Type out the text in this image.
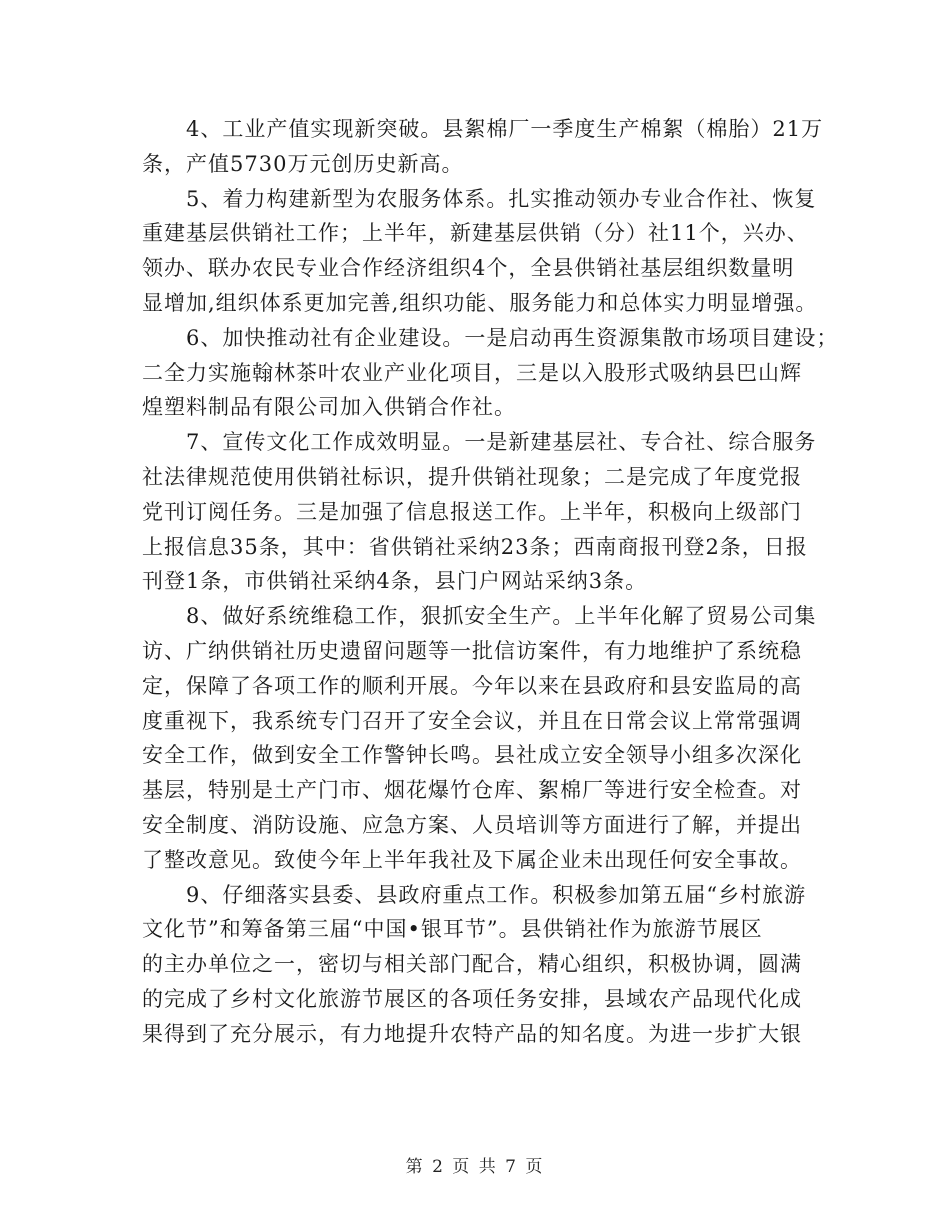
　　4、工业产值实现新突破。县絮棉厂一季度生产棉絮（棉胎）21万
条，产值5730万元创历史新高。
　　5、着力构建新型为农服务体系。扎实推动领办专业合作社、恢复
重建基层供销社工作；上半年，新建基层供销（分）社11个，兴办、
领办、联办农民专业合作经济组织4个，全县供销社基层组织数量明
显增加,组织体系更加完善,组织功能、服务能力和总体实力明显增强。
　　6、加快推动社有企业建设。一是启动再生资源集散市场项目建设；
二全力实施翰林茶叶农业产业化项目，三是以入股形式吸纳县巴山辉
煌塑料制品有限公司加入供销合作社。
　　7、宣传文化工作成效明显。一是新建基层社、专合社、综合服务
社法律规范使用供销社标识，提升供销社现象；二是完成了年度党报
党刊订阅任务。三是加强了信息报送工作。上半年，积极向上级部门
上报信息35条，其中：省供销社采纳23条；西南商报刊登2条，日报
刊登1条，市供销社采纳4条，县门户网站采纳3条。
　　8、做好系统维稳工作，狠抓安全生产。上半年化解了贸易公司集
访、广纳供销社历史遗留问题等一批信访案件，有力地维护了系统稳
定，保障了各项工作的顺利开展。今年以来在县政府和县安监局的高
度重视下，我系统专门召开了安全会议，并且在日常会议上常常强调
安全工作，做到安全工作警钟长鸣。县社成立安全领导小组多次深化
基层，特别是土产门市、烟花爆竹仓库、絮棉厂等进行安全检查。对
安全制度、消防设施、应急方案、人员培训等方面进行了解，并提出
了整改意见。致使今年上半年我社及下属企业未出现任何安全事故。
　　9、仔细落实县委、县政府重点工作。积极参加第五届“乡村旅游
文化节”和筹备第三届“中国•银耳节”。县供销社作为旅游节展区
的主办单位之一，密切与相关部门配合，精心组织，积极协调，圆满
的完成了乡村文化旅游节展区的各项任务安排，县域农产品现代化成
果得到了充分展示，有力地提升农特产品的知名度。为进一步扩大银
第 2 页 共 7 页
